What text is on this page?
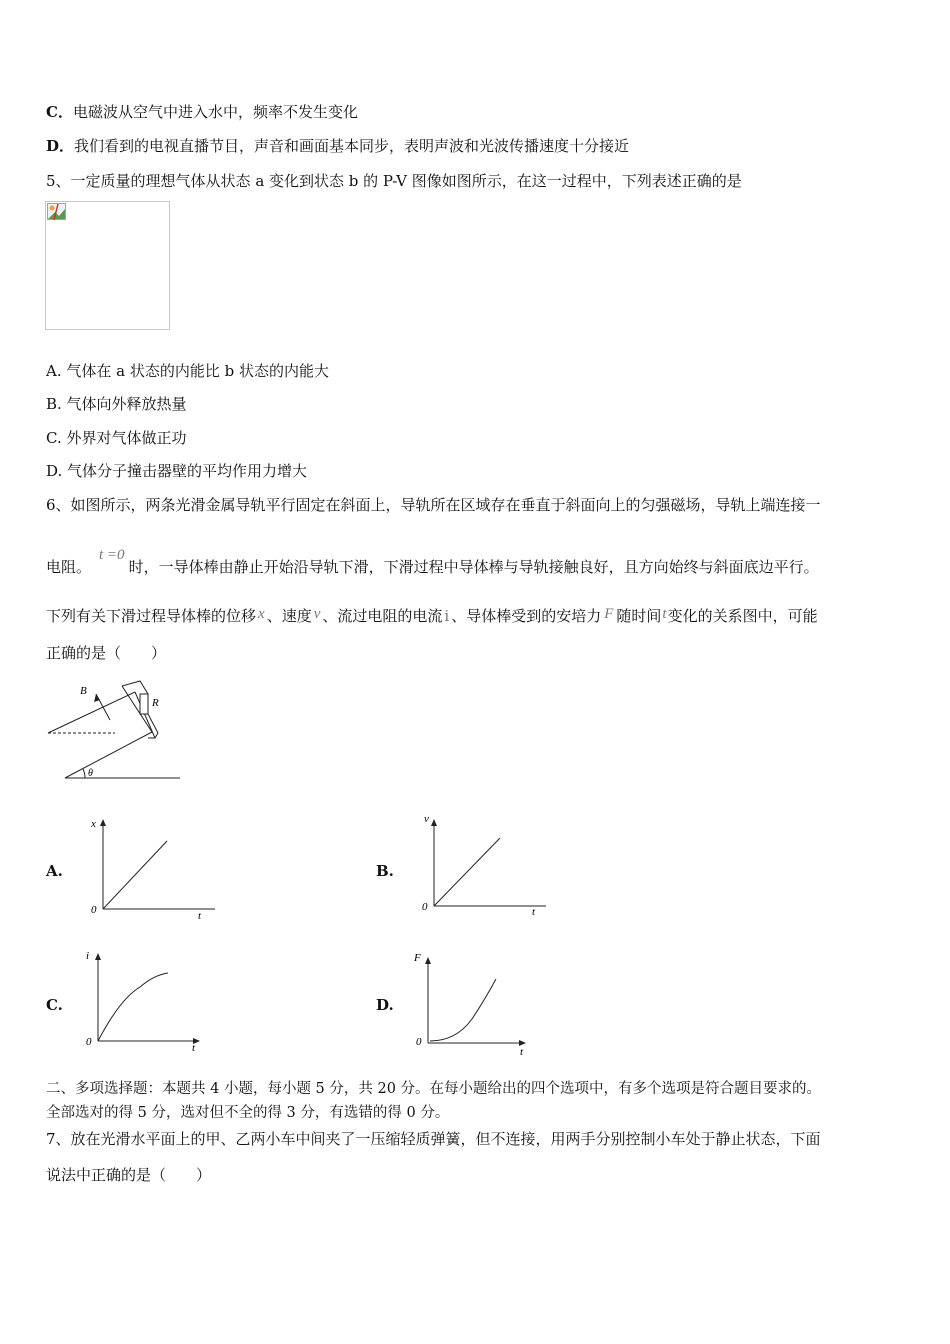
C．电磁波从空气中进入水中，频率不发生变化
D．我们看到的电视直播节目，声音和画面基本同步，表明声波和光波传播速度十分接近
5、一定质量的理想气体从状态 a 变化到状态 b 的 P-V 图像如图所示，在这一过程中，下列表述正确的是
A. 气体在 a 状态的内能比 b 状态的内能大
B. 气体向外释放热量
C. 外界对气体做正功
D. 气体分子撞击器壁的平均作用力增大
6、如图所示，两条光滑金属导轨平行固定在斜面上，导轨所在区域存在垂直于斜面向上的匀强磁场，导轨上端连接一
电阻。t =0时，一导体棒由静止开始沿导轨下滑，下滑过程中导体棒与导轨接触良好，且方向始终与斜面底边平行。
下列有关下滑过程导体棒的位移 x 、速度 v 、流过电阻的电流 i 、导体棒受到的安培力 F 随时间t变化的关系图中，可能
正确的是（　　）
B
R
θ
A.
x
0	t
B.
v
0	t
C.
i
0	t
D.
F
0
t
二、多项选择题：本题共 4 小题，每小题 5 分，共 20 分。在每小题给出的四个选项中，有多个选项是符合题目要求的。
全部选对的得 5 分，选对但不全的得 3 分，有选错的得 0 分。
7、放在光滑水平面上的甲、乙两小车中间夹了一压缩轻质弹簧，但不连接，用两手分别控制小车处于静止状态，下面
说法中正确的是（　　）
